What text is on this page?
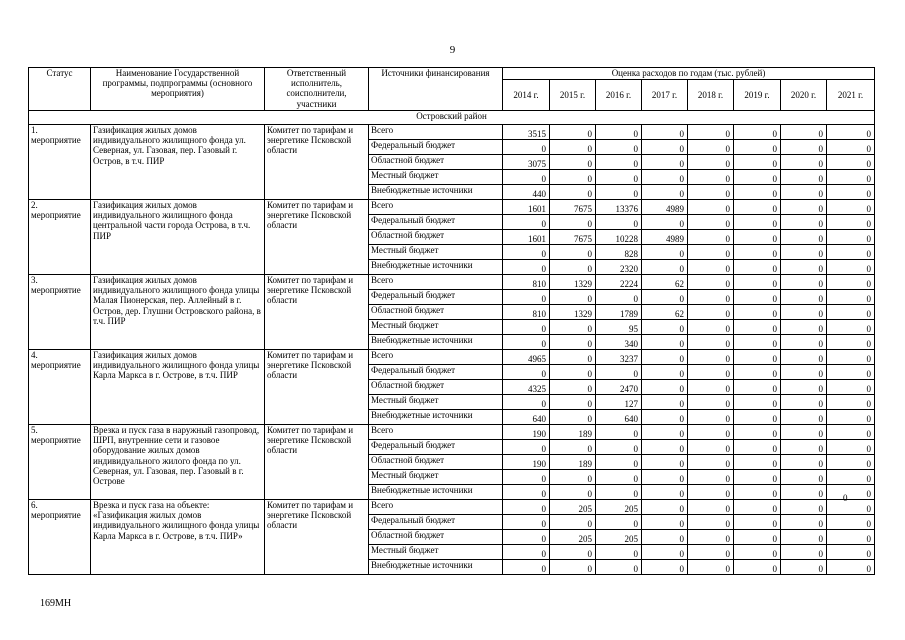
9
Статус	Наименование Государственной программы, подпрограммы (основного мероприятия)	Ответственный исполнитель, соисполнители, участники	Источники финансирования	Оценка расходов по годам (тыс. рублей)							
				2014 г.	2015 г.	2016 г.	2017 г.	2018 г.	2019 г.	2020 г.	2021 г.
Островский район											
1. мероприятие	Газификация жилых домов индивидуального жилищного фонда ул. Северная, ул. Газовая, пер. Газовый г. Остров, в т.ч. ПИР	Комитет по тарифам и энергетике Псковской области	Всего	3515	0	0	0	0	0	0	0
			Федеральный бюджет	0	0	0	0	0	0	0	0
			Областной бюджет	3075	0	0	0	0	0	0	0
			Местный бюджет	0	0	0	0	0	0	0	0
			Внебюджетные источники	440	0	0	0	0	0	0	0
2. мероприятие	Газификация жилых домов индивидуального жилищного фонда центральной части города Острова, в т.ч. ПИР	Комитет по тарифам и энергетике Псковской области	Всего	1601	7675	13376	4989	0	0	0	0
			Федеральный бюджет	0	0	0	0	0	0	0	0
			Областной бюджет	1601	7675	10228	4989	0	0	0	0
			Местный бюджет	0	0	828	0	0	0	0	0
			Внебюджетные источники	0	0	2320	0	0	0	0	0
3. мероприятие	Газификация жилых домов индивидуального жилищного фонда улицы Малая Пионерская, пер. Аллейный в г. Остров, дер. Глушни Островского района, в т.ч. ПИР	Комитет по тарифам и энергетике Псковской области	Всего	810	1329	2224	62	0	0	0	0
			Федеральный бюджет	0	0	0	0	0	0	0	0
			Областной бюджет	810	1329	1789	62	0	0	0	0
			Местный бюджет	0	0	95	0	0	0	0	0
			Внебюджетные источники	0	0	340	0	0	0	0	0
4. мероприятие	Газификация жилых домов индивидуального жилищного фонда улицы Карла Маркса в г. Острове, в т.ч. ПИР	Комитет по тарифам и энергетике Псковской области	Всего	4965	0	3237	0	0	0	0	0
			Федеральный бюджет	0	0	0	0	0	0	0	0
			Областной бюджет	4325	0	2470	0	0	0	0	0
			Местный бюджет	0	0	127	0	0	0	0	0
			Внебюджетные источники	640	0	640	0	0	0	0	0
5. мероприятие	Врезка и пуск газа в наружный газопровод, ШРП, внутренние сети и газовое оборудование жилых домов индивидуального жилого фонда по ул. Северная, ул. Газовая, пер. Газовый в г. Острове	Комитет по тарифам и энергетике Псковской области	Всего	190	189	0	0	0	0	0	0
			Федеральный бюджет	0	0	0	0	0	0	0	0
			Областной бюджет	190	189	0	0	0	0	0	0
			Местный бюджет	0	0	0	0	0	0	0	0
			Внебюджетные источники	0	0	0	0	0	0	0	0
6. мероприятие	Врезка и пуск газа на объекте: «Газификация жилых домов индивидуального жилищного фонда улицы Карла Маркса в г. Острове, в т.ч. ПИР»	Комитет по тарифам и энергетике Псковской области	Всего	0	205	205	0	0	0	0	0
			Федеральный бюджет	0	0	0	0	0	0	0	0
			Областной бюджет	0	205	205	0	0	0	0	0
			Местный бюджет	0	0	0	0	0	0	0	0
			Внебюджетные источники	0	0	0	0	0	0	0	0
0
169МН
